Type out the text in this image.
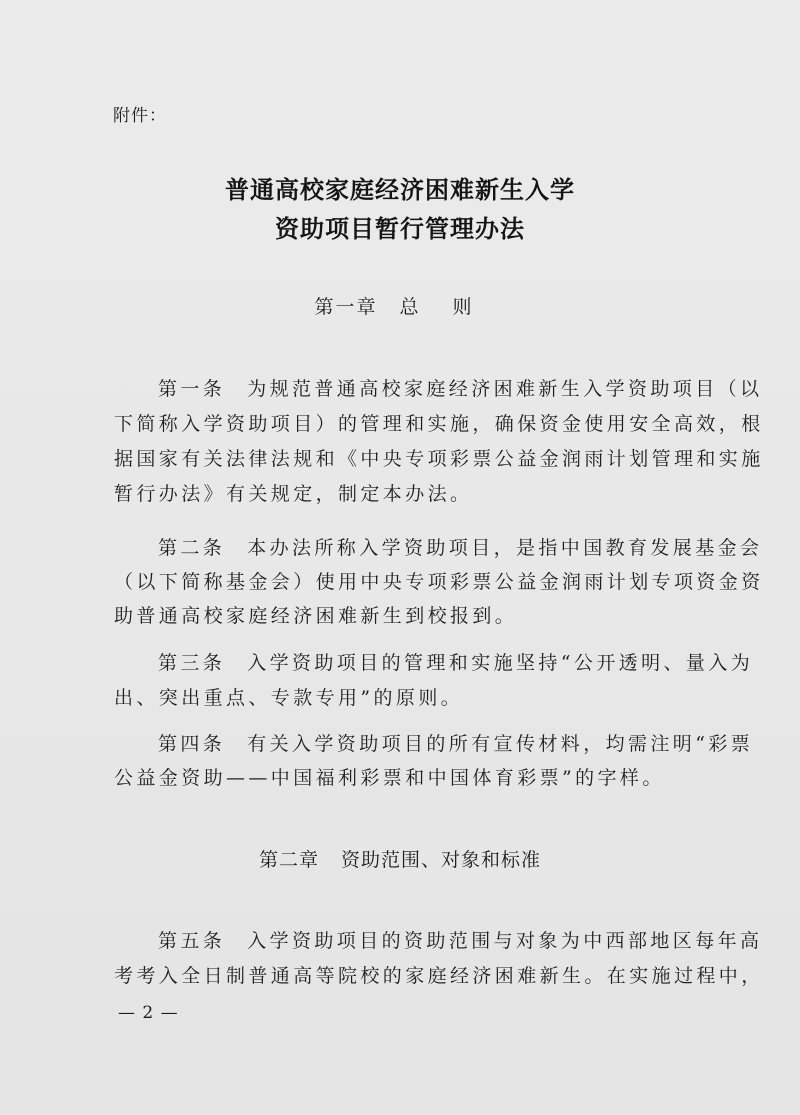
附件：
普通高校家庭经济困难新生入学
资助项目暂行管理办法
第一章 总 则
第一条 为规范普通高校家庭经济困难新生入学资助项目（以
下简称入学资助项目）的管理和实施，确保资金使用安全高效，根
据国家有关法律法规和《中央专项彩票公益金润雨计划管理和实施
暂行办法》有关规定，制定本办法。
第二条 本办法所称入学资助项目，是指中国教育发展基金会
（以下简称基金会）使用中央专项彩票公益金润雨计划专项资金资
助普通高校家庭经济困难新生到校报到。
第三条 入学资助项目的管理和实施坚持“公开透明、量入为
出、突出重点、专款专用”的原则。
第四条 有关入学资助项目的所有宣传材料，均需注明“彩票
公益金资助——中国福利彩票和中国体育彩票”的字样。
第二章 资助范围、对象和标准
第五条 入学资助项目的资助范围与对象为中西部地区每年高
考考入全日制普通高等院校的家庭经济困难新生。在实施过程中，
— 2 —
